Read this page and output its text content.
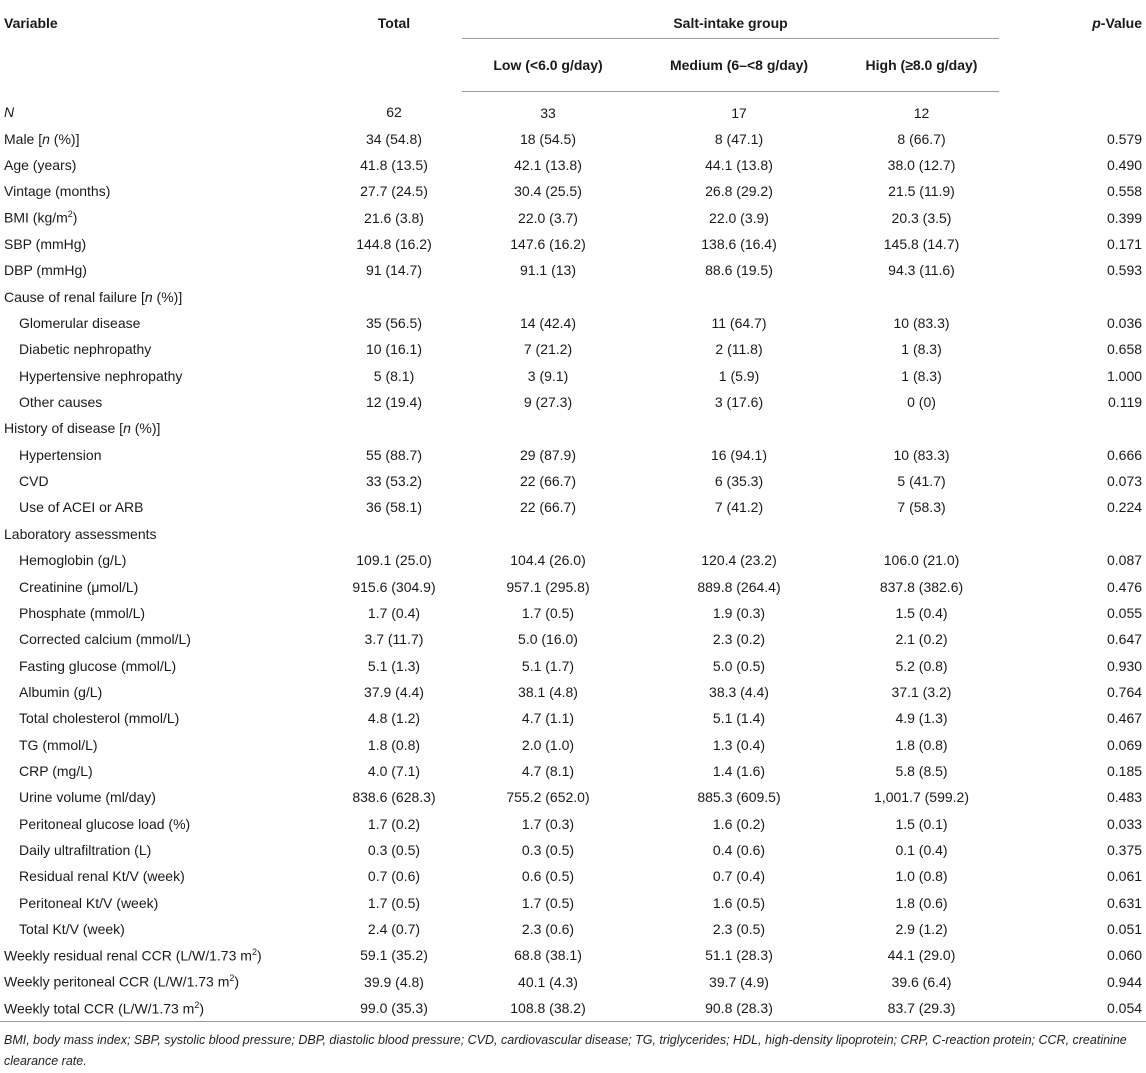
Variable	Total	Salt-intake group			p-Value
		Low (<6.0 g/day)	Medium (6–<8 g/day)	High (≥8.0 g/day)	
N	62	33	17	12	
Male [n (%)]	34 (54.8)	18 (54.5)	8 (47.1)	8 (66.7)	0.579
Age (years)	41.8 (13.5)	42.1 (13.8)	44.1 (13.8)	38.0 (12.7)	0.490
Vintage (months)	27.7 (24.5)	30.4 (25.5)	26.8 (29.2)	21.5 (11.9)	0.558
BMI $(kg/m^2)$	21.6 (3.8)	22.0 (3.7)	22.0 (3.9)	20.3 (3.5)	0.399
SBP (mmHg)	144.8 (16.2)	147.6 (16.2)	138.6 (16.4)	145.8 (14.7)	0.171
DBP (mmHg)	91 (14.7)	91.1 (13)	88.6 (19.5)	94.3 (11.6)	0.593
Cause of renal failure [n (%)]					
Glomerular disease	35 (56.5)	14 (42.4)	11 (64.7)	10 (83.3)	0.036
Diabetic nephropathy	10 (16.1)	7 (21.2)	2 (11.8)	1 (8.3)	0.658
Hypertensive nephropathy	5 (8.1)	3 (9.1)	1 (5.9)	1 (8.3)	1.000
Other causes	12 (19.4)	9 (27.3)	3 (17.6)	0 (0)	0.119
History of disease [n (%)]					
Hypertension	55 (88.7)	29 (87.9)	16 (94.1)	10 (83.3)	0.666
CVD	33 (53.2)	22 (66.7)	6 (35.3)	5 (41.7)	0.073
Use of ACEI or ARB	36 (58.1)	22 (66.7)	7 (41.2)	7 (58.3)	0.224
Laboratory assessments					
Hemoglobin (g/L)	109.1 (25.0)	104.4 (26.0)	120.4 (23.2)	106.0 (21.0)	0.087
Creatinine (μmol/L)	915.6 (304.9)	957.1 (295.8)	889.8 (264.4)	837.8 (382.6)	0.476
Phosphate (mmol/L)	1.7 (0.4)	1.7 (0.5)	1.9 (0.3)	1.5 (0.4)	0.055
Corrected calcium (mmol/L)	3.7 (11.7)	5.0 (16.0)	2.3 (0.2)	2.1 (0.2)	0.647
Fasting glucose (mmol/L)	5.1 (1.3)	5.1 (1.7)	5.0 (0.5)	5.2 (0.8)	0.930
Albumin (g/L)	37.9 (4.4)	38.1 (4.8)	38.3 (4.4)	37.1 (3.2)	0.764
Total cholesterol (mmol/L)	4.8 (1.2)	4.7 (1.1)	5.1 (1.4)	4.9 (1.3)	0.467
TG (mmol/L)	1.8 (0.8)	2.0 (1.0)	1.3 (0.4)	1.8 (0.8)	0.069
CRP (mg/L)	4.0 (7.1)	4.7 (8.1)	1.4 (1.6)	5.8 (8.5)	0.185
Urine volume (ml/day)	838.6 (628.3)	755.2 (652.0)	885.3 (609.5)	1,001.7 (599.2)	0.483
Peritoneal glucose load (%)	1.7 (0.2)	1.7 (0.3)	1.6 (0.2)	1.5 (0.1)	0.033
Daily ultrafiltration (L)	0.3 (0.5)	0.3 (0.5)	0.4 (0.6)	0.1 (0.4)	0.375
Residual renal Kt/V (week)	0.7 (0.6)	0.6 (0.5)	0.7 (0.4)	1.0 (0.8)	0.061
Peritoneal Kt/V (week)	1.7 (0.5)	1.7 (0.5)	1.6 (0.5)	1.8 (0.6)	0.631
Total Kt/V (week)	2.4 (0.7)	2.3 (0.6)	2.3 (0.5)	2.9 (1.2)	0.051
Weekly residual renal CCR (L/W/1.73 $m^2$)	59.1 (35.2)	68.8 (38.1)	51.1 (28.3)	44.1 (29.0)	0.060
Weekly peritoneal CCR (L/W/1.73 $m^2$)	39.9 (4.8)	40.1 (4.3)	39.7 (4.9)	39.6 (6.4)	0.944
Weekly total CCR (L/W/1.73 $m^2$)	99.0 (35.3)	108.8 (38.2)	90.8 (28.3)	83.7 (29.3)	0.054
BMI, body mass index; SBP, systolic blood pressure; DBP, diastolic blood pressure; CVD, cardiovascular disease; TG, triglycerides; HDL, high-density lipoprotein; CRP, C-reaction protein; CCR, creatinine clearance rate.
